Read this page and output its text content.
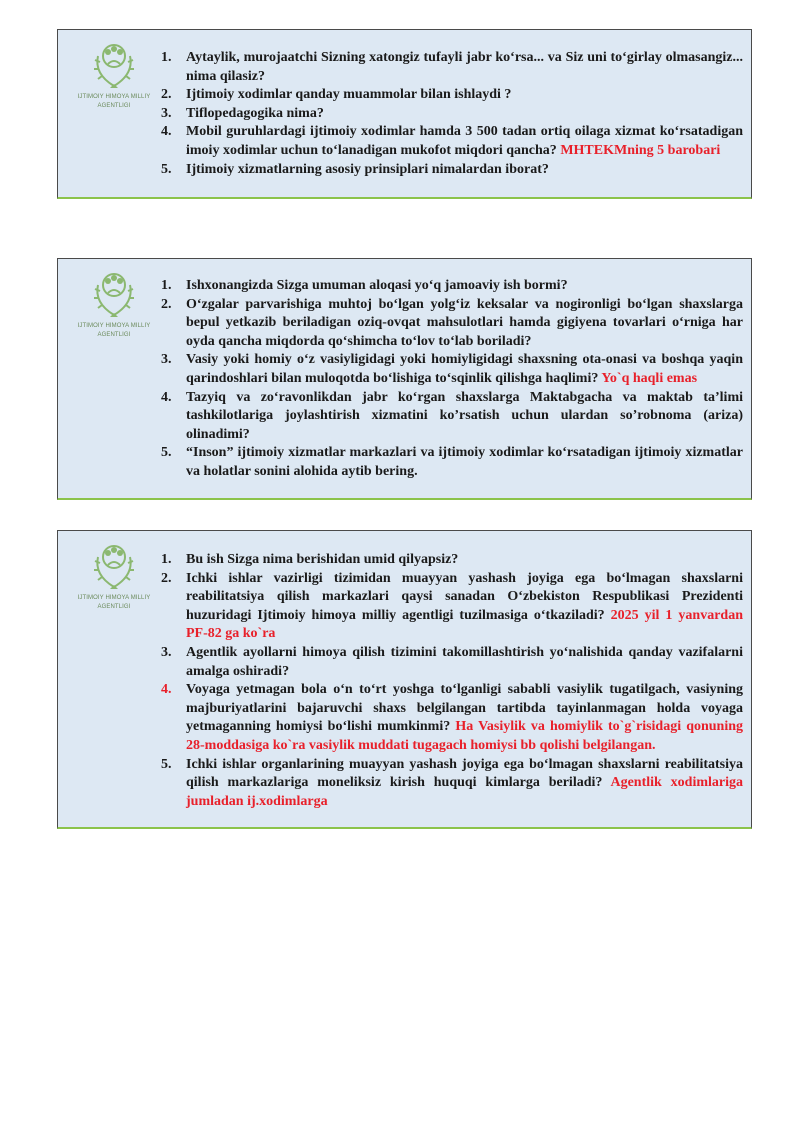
IJTIMOIY HIMOYA MILLIY
AGENTLIGI
1. Aytaylik, murojaatchi Sizning xatongiz tufayli jabr ko‘rsa... va Siz uni to‘girlay olmasangiz... nima qilasiz?
2. Ijtimoiy xodimlar qanday muammolar bilan ishlaydi ?
3. Tiflopedagogika nima?
4. Mobil guruhlardagi ijtimoiy xodimlar hamda 3 500 tadan ortiq oilaga xizmat ko‘rsatadigan imoiy xodimlar uchun to‘lanadigan mukofot miqdori qancha? MHTEKMning 5 barobari
5. Ijtimoiy xizmatlarning asosiy prinsiplari nimalardan iborat?
IJTIMOIY HIMOYA MILLIY
AGENTLIGI
1. Ishxonangizda Sizga umuman aloqasi yo‘q jamoaviy ish bormi?
2. O‘zgalar parvarishiga muhtoj bo‘lgan yolg‘iz keksalar va nogironligi bo‘lgan shaxslarga bepul yetkazib beriladigan oziq-ovqat mahsulotlari hamda gigiyena tovarlari o‘rniga har oyda qancha miqdorda qo‘shimcha to‘lov to‘lab boriladi?
3. Vasiy yoki homiy o‘z vasiyligidagi yoki homiyligidagi shaxsning ota-onasi va boshqa yaqin qarindoshlari bilan muloqotda bo‘lishiga to‘sqinlik qilishga haqlimi? Yo`q haqli emas
4. Tazyiq va zo‘ravonlikdan jabr ko‘rgan shaxslarga Maktabgacha va maktab ta’limi tashkilotlariga joylashtirish xizmatini ko’rsatish uchun ulardan so’robnoma (ariza) olinadimi?
5. “Inson” ijtimoiy xizmatlar markazlari va ijtimoiy xodimlar ko‘rsatadigan ijtimoiy xizmatlar va holatlar sonini alohida aytib bering.
IJTIMOIY HIMOYA MILLIY
AGENTLIGI
1. Bu ish Sizga nima berishidan umid qilyapsiz?
2. Ichki ishlar vazirligi tizimidan muayyan yashash joyiga ega bo‘lmagan shaxslarni reabilitatsiya qilish markazlari qaysi sanadan O‘zbekiston Respublikasi Prezidenti huzuridagi Ijtimoiy himoya milliy agentligi tuzilmasiga o‘tkaziladi? 2025 yil 1 yanvardan PF-82 ga ko`ra
3. Agentlik ayollarni himoya qilish tizimini takomillashtirish yo‘nalishida qanday vazifalarni amalga oshiradi?
4. Voyaga yetmagan bola o‘n to‘rt yoshga to‘lganligi sababli vasiylik tugatilgach, vasiyning majburiyatlarini bajaruvchi shaxs belgilangan tartibda tayinlanmagan holda voyaga yetmaganning homiysi bo‘lishi mumkinmi? Ha Vasiylik va homiylik to`g`risidagi qonuning 28-moddasiga ko`ra vasiylik muddati tugagach homiysi bb qolishi belgilangan.
5. Ichki ishlar organlarining muayyan yashash joyiga ega bo‘lmagan shaxslarni reabilitatsiya qilish markazlariga moneliksiz kirish huquqi kimlarga beriladi? Agentlik xodimlariga jumladan ij.xodimlarga
